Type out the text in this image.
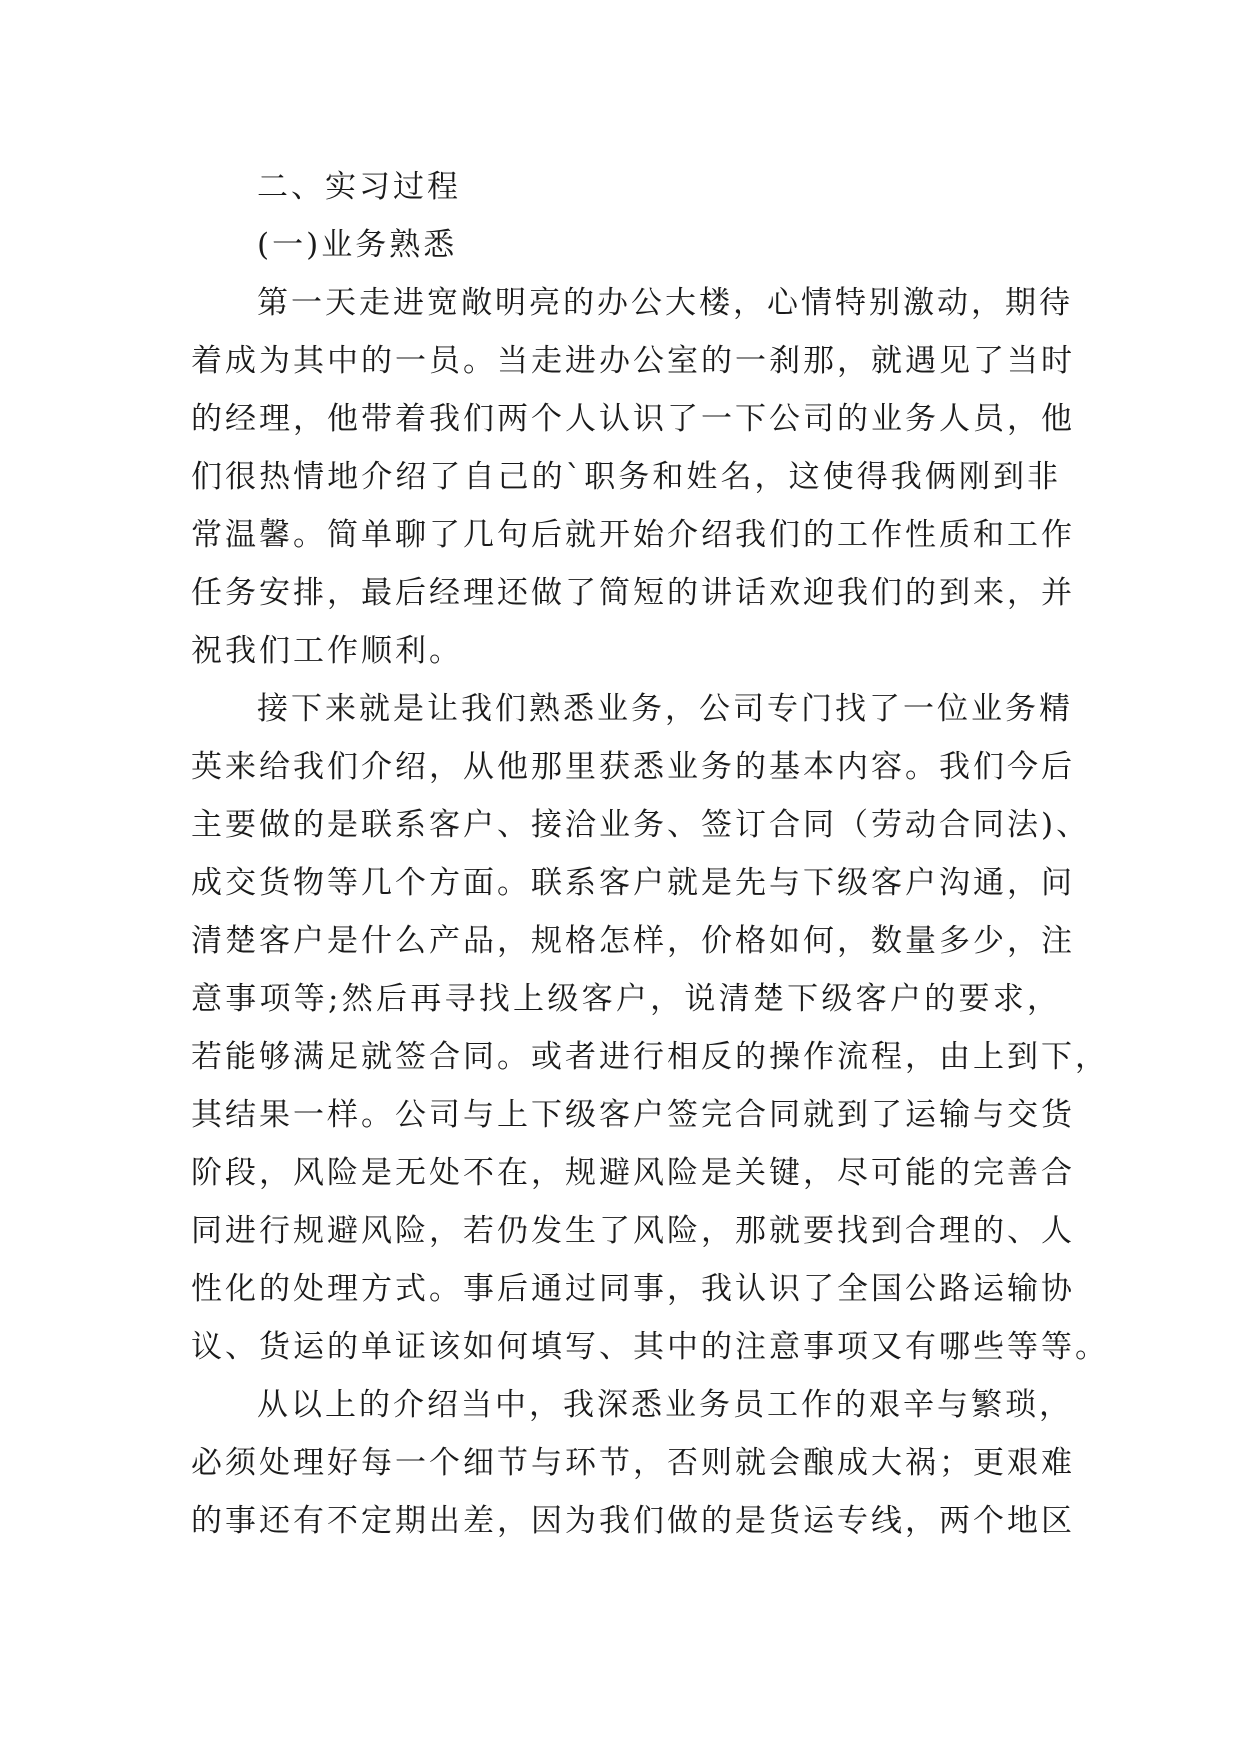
二、实习过程
(一)业务熟悉
第一天走进宽敞明亮的办公大楼，心情特别激动，期待
着成为其中的一员。当走进办公室的一刹那，就遇见了当时
的经理，他带着我们两个人认识了一下公司的业务人员，他
们很热情地介绍了自己的`职务和姓名，这使得我俩刚到非
常温馨。简单聊了几句后就开始介绍我们的工作性质和工作
任务安排，最后经理还做了简短的讲话欢迎我们的到来，并
祝我们工作顺利。
接下来就是让我们熟悉业务，公司专门找了一位业务精
英来给我们介绍，从他那里获悉业务的基本内容。我们今后
主要做的是联系客户、接洽业务、签订合同（劳动合同法)、
成交货物等几个方面。联系客户就是先与下级客户沟通，问
清楚客户是什么产品，规格怎样，价格如何，数量多少，注
意事项等;然后再寻找上级客户，说清楚下级客户的要求，
若能够满足就签合同。或者进行相反的操作流程，由上到下，
其结果一样。公司与上下级客户签完合同就到了运输与交货
阶段，风险是无处不在，规避风险是关键，尽可能的完善合
同进行规避风险，若仍发生了风险，那就要找到合理的、人
性化的处理方式。事后通过同事，我认识了全国公路运输协
议、货运的单证该如何填写、其中的注意事项又有哪些等等。
从以上的介绍当中，我深悉业务员工作的艰辛与繁琐，
必须处理好每一个细节与环节，否则就会酿成大祸；更艰难
的事还有不定期出差，因为我们做的是货运专线，两个地区
